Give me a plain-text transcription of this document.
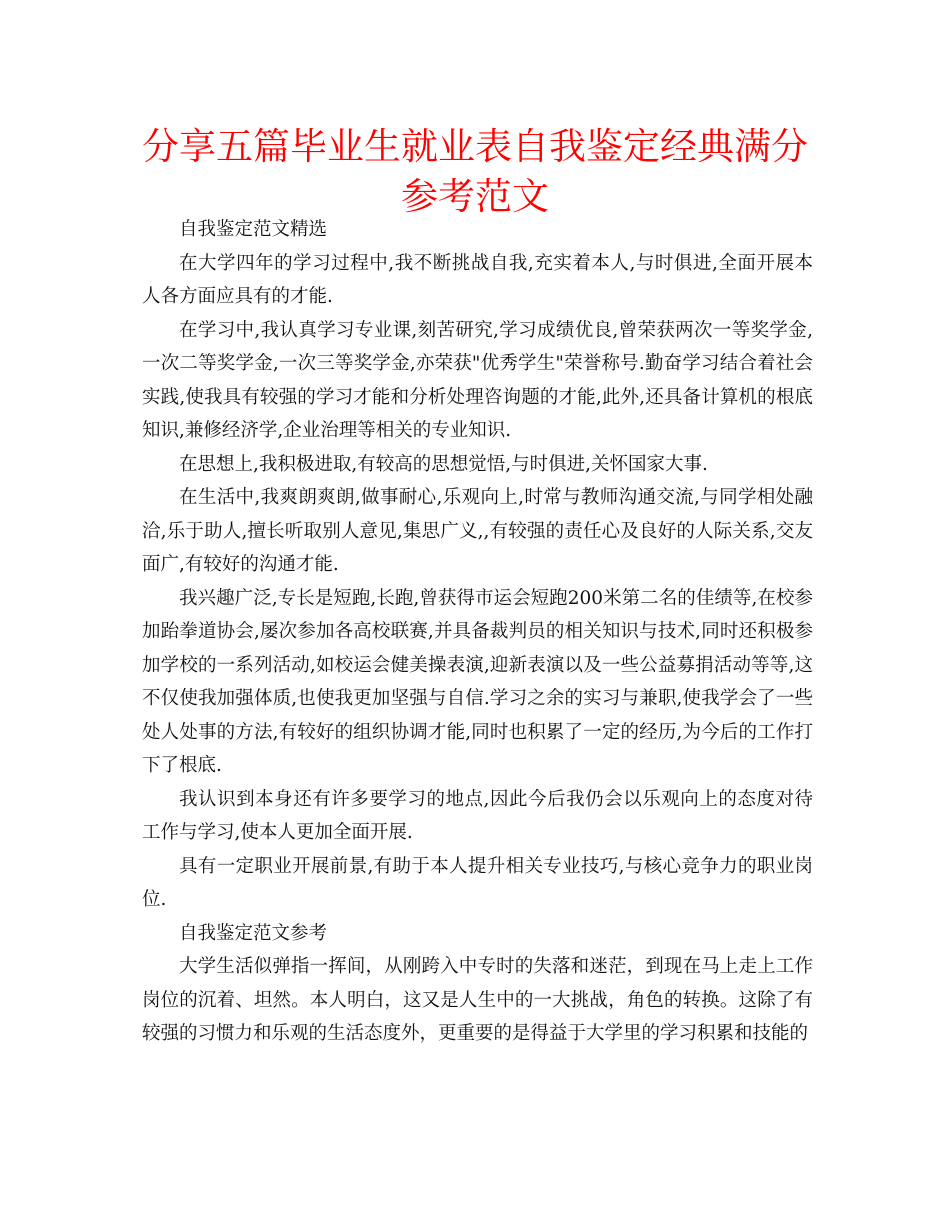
分享五篇毕业生就业表自我鉴定经典满分
参考范文

自我鉴定范文精选

在大学四年的学习过程中,我不断挑战自我,充实着本人,与时俱进,全面开展本人各方面应具有的才能.

在学习中,我认真学习专业课,刻苦研究,学习成绩优良,曾荣获两次一等奖学金,一次二等奖学金,一次三等奖学金,亦荣获"优秀学生"荣誉称号.勤奋学习结合着社会实践,使我具有较强的学习才能和分析处理咨询题的才能,此外,还具备计算机的根底知识,兼修经济学,企业治理等相关的专业知识.

在思想上,我积极进取,有较高的思想觉悟,与时俱进,关怀国家大事.

在生活中,我爽朗爽朗,做事耐心,乐观向上,时常与教师沟通交流,与同学相处融洽,乐于助人,擅长听取别人意见,集思广义,,有较强的责任心及良好的人际关系,交友面广,有较好的沟通才能.

我兴趣广泛,专长是短跑,长跑,曾获得市运会短跑200米第二名的佳绩等,在校参加跆拳道协会,屡次参加各高校联赛,并具备裁判员的相关知识与技术,同时还积极参加学校的一系列活动,如校运会健美操表演,迎新表演以及一些公益募捐活动等等,这不仅使我加强体质,也使我更加坚强与自信.学习之余的实习与兼职,使我学会了一些处人处事的方法,有较好的组织协调才能,同时也积累了一定的经历,为今后的工作打下了根底.

我认识到本身还有许多要学习的地点,因此今后我仍会以乐观向上的态度对待工作与学习,使本人更加全面开展.

具有一定职业开展前景,有助于本人提升相关专业技巧,与核心竞争力的职业岗位.

自我鉴定范文参考

大学生活似弹指一挥间，从刚跨入中专时的失落和迷茫，到现在马上走上工作岗位的沉着、坦然。本人明白，这又是人生中的一大挑战，角色的转换。这除了有较强的习惯力和乐观的生活态度外，更重要的是得益于大学里的学习积累和技能的
